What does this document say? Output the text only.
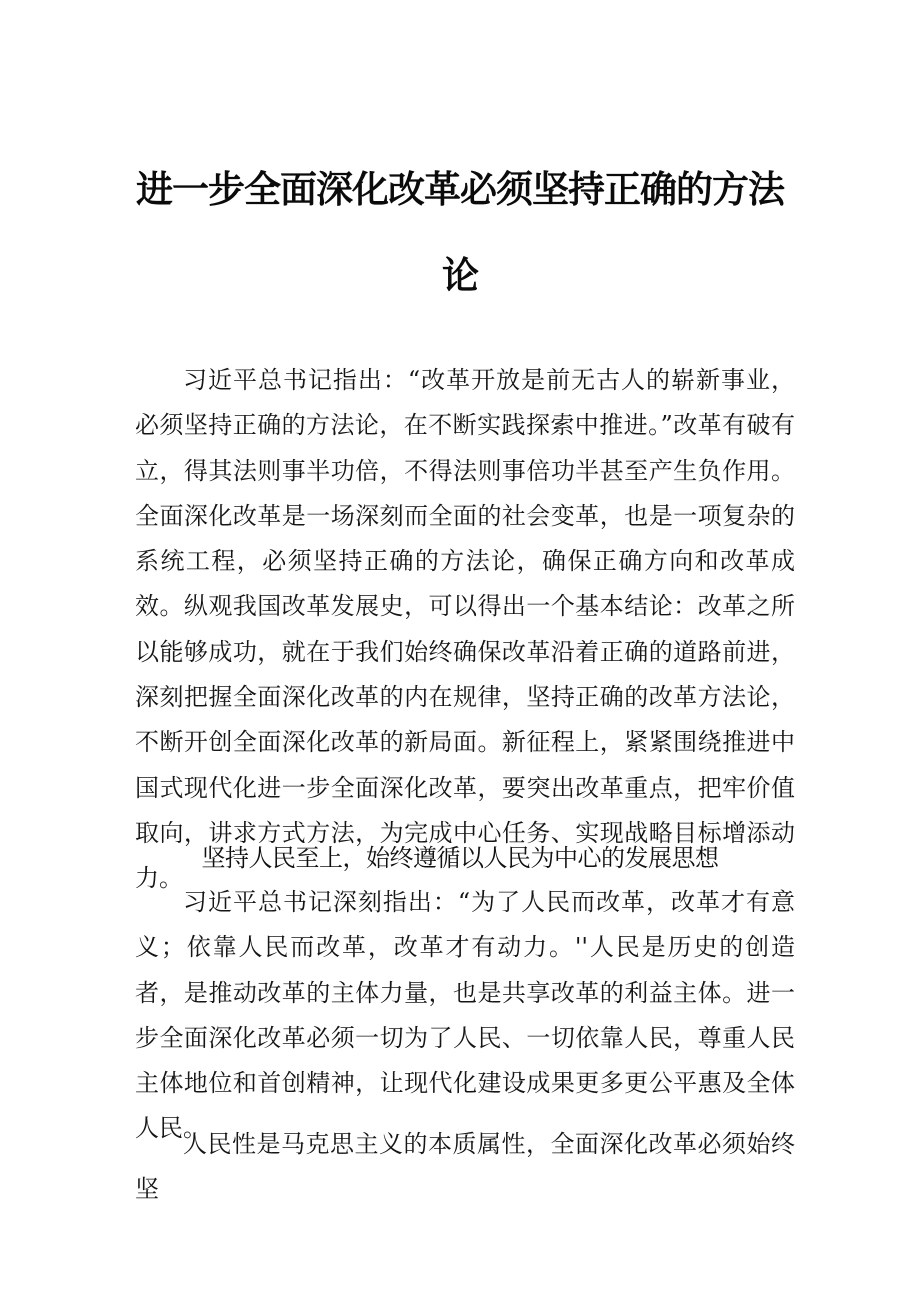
进一步全面深化改革必须坚持正确的方法
论

习近平总书记指出：“改革开放是前无古人的崭新事业，必须坚持正确的方法论，在不断实践探索中推进。”改革有破有立，得其法则事半功倍，不得法则事倍功半甚至产生负作用。全面深化改革是一场深刻而全面的社会变革，也是一项复杂的系统工程，必须坚持正确的方法论，确保正确方向和改革成效。纵观我国改革发展史，可以得出一个基本结论：改革之所以能够成功，就在于我们始终确保改革沿着正确的道路前进，深刻把握全面深化改革的内在规律，坚持正确的改革方法论，不断开创全面深化改革的新局面。新征程上，紧紧围绕推进中国式现代化进一步全面深化改革，要突出改革重点，把牢价值取向，讲求方式方法，为完成中心任务、实现战略目标增添动力。

坚持人民至上，始终遵循以人民为中心的发展思想

习近平总书记深刻指出：“为了人民而改革，改革才有意义；依靠人民而改革，改革才有动力。''人民是历史的创造者，是推动改革的主体力量，也是共享改革的利益主体。进一步全面深化改革必须一切为了人民、一切依靠人民，尊重人民主体地位和首创精神，让现代化建设成果更多更公平惠及全体人民。

人民性是马克思主义的本质属性，全面深化改革必须始终坚
